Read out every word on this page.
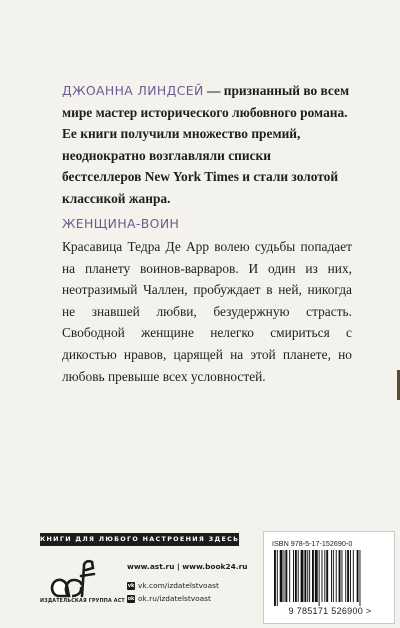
ДЖОАННА ЛИНДСЕЙ — признанный во всем мире мастер исторического любовного романа. Ее книги получили множество премий, неоднократно возглавляли списки бестселлеров New York Times и стали золотой классикой жанра.
ЖЕНЩИНА-ВОИН
Красавица Тедра Де Арр волею судьбы попадает на планету воинов-варваров. И один из них, неотразимый Чаллен, пробуждает в ней, никогда не знавшей любви, безудержную страсть. Свободной женщине нелегко смириться с дикостью нравов, царящей на этой планете, но любовь превыше всех условностей.
КНИГИ ДЛЯ ЛЮБОГО НАСТРОЕНИЯ ЗДЕСЬ
ИЗДАТЕЛЬСКАЯ ГРУППА АСТ
www.ast.ru | www.book24.ru
vk vk.com/izdatelstvoast
ok ok.ru/izdatelstvoast
ISBN 978-5-17-152690-0
9 785171 526900 >
